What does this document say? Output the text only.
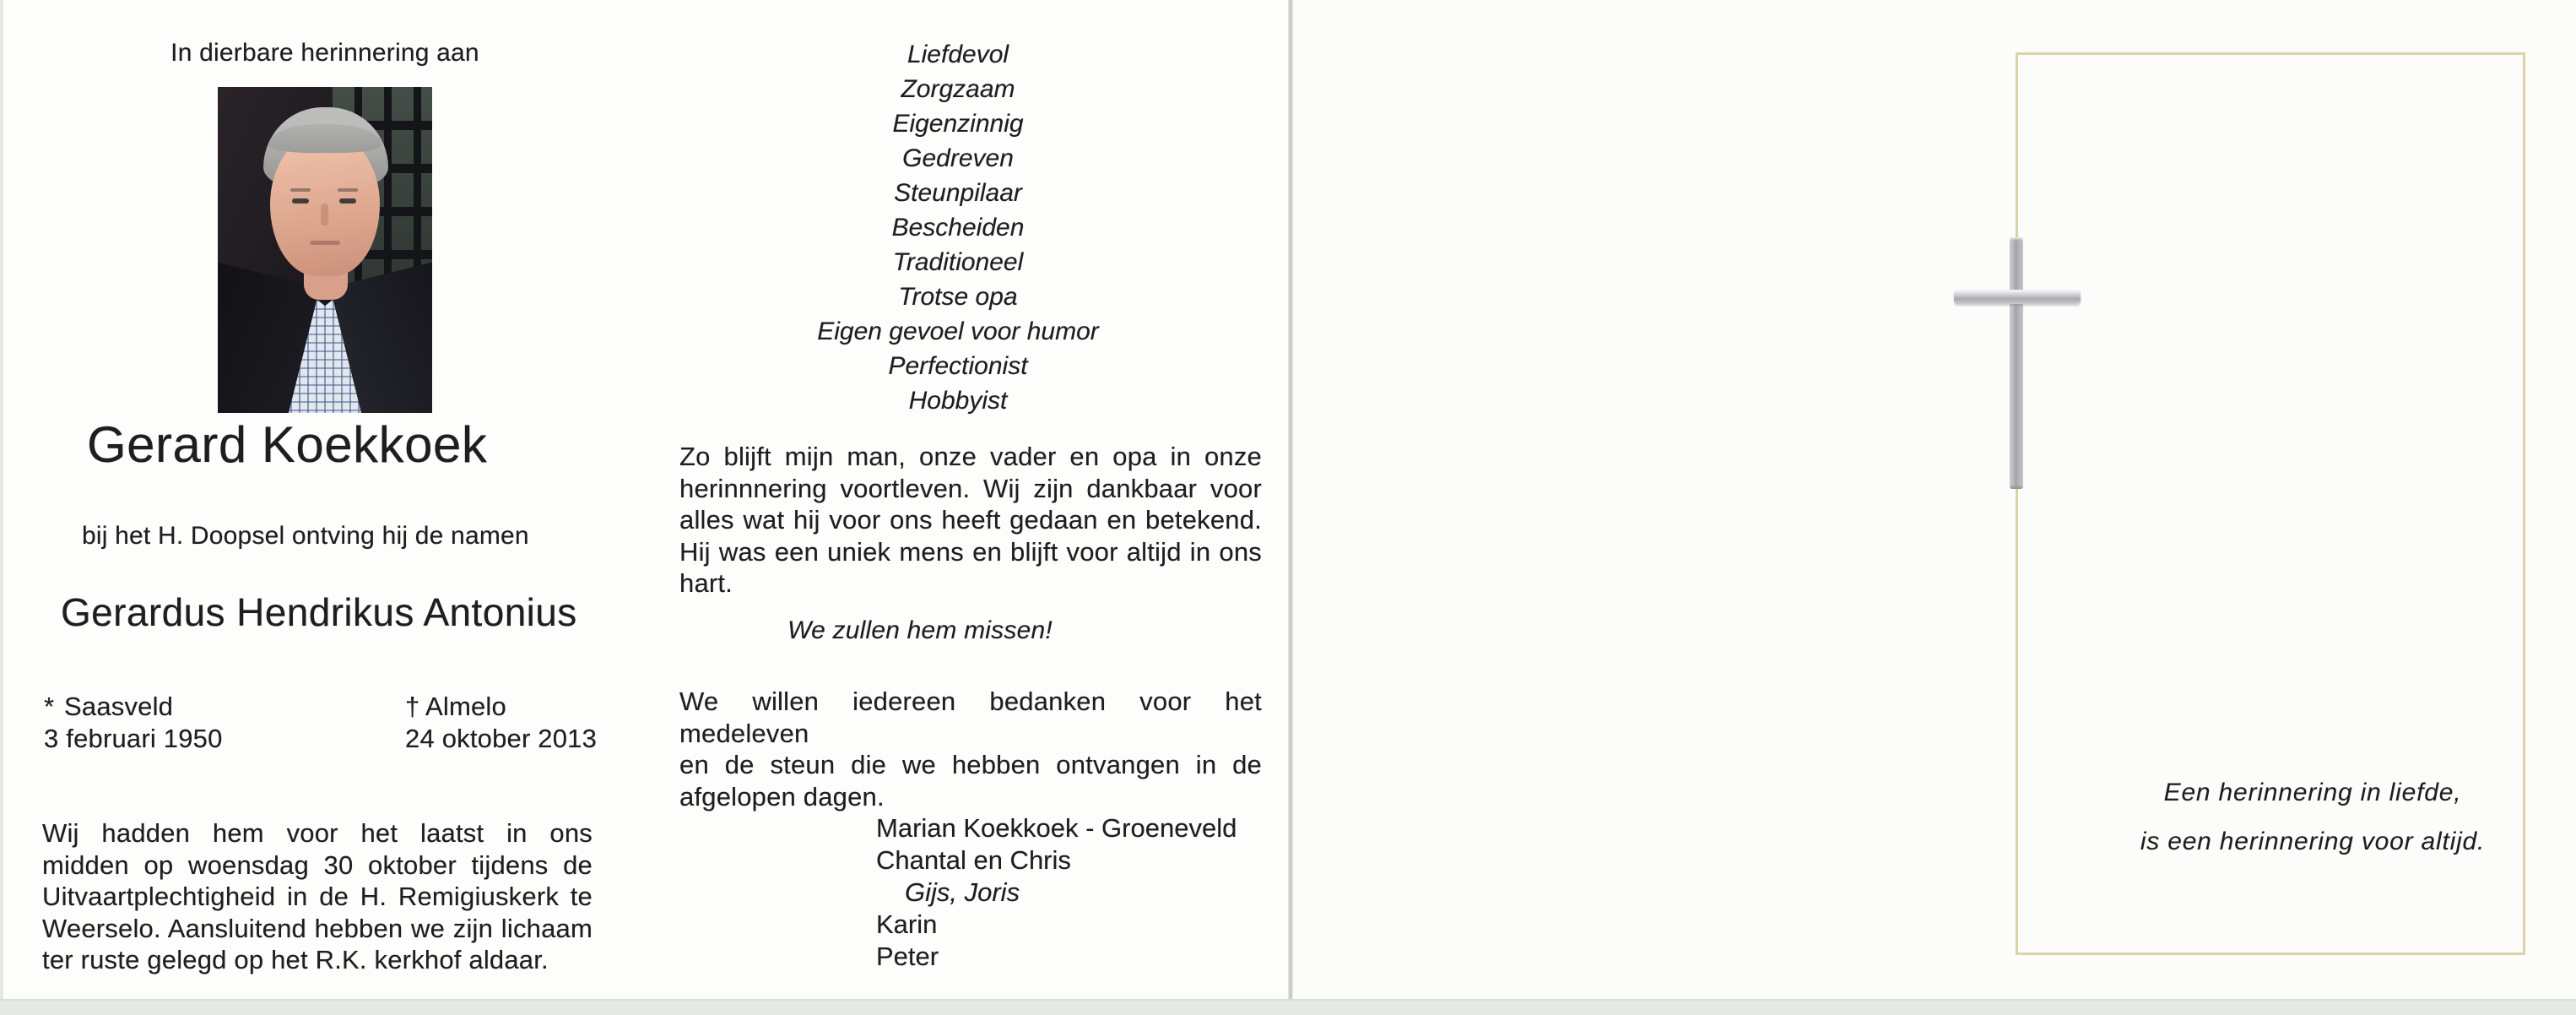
In dierbare herinnering aan
Gerard Koekkoek
bij het H. Doopsel ontving hij de namen
Gerardus Hendrikus Antonius
* Saasveld
3 februari 1950
† Almelo
24 oktober 2013
Wij hadden hem voor het laatst in ons
midden op woensdag 30 oktober tijdens de
Uitvaartplechtigheid in de H. Remigiuskerk te
Weerselo. Aansluitend hebben we zijn lichaam
ter ruste gelegd op het R.K. kerkhof aldaar.
Liefdevol
Zorgzaam
Eigenzinnig
Gedreven
Steunpilaar
Bescheiden
Traditioneel
Trotse opa
Eigen gevoel voor humor
Perfectionist
Hobbyist
Zo blijft mijn man, onze vader en opa in onze
herinnnering voortleven. Wij zijn dankbaar voor
alles wat hij voor ons heeft gedaan en betekend.
Hij was een uniek mens en blijft voor altijd in ons
hart.
We zullen hem missen!
We willen iedereen bedanken voor het medeleven
en de steun die we hebben ontvangen in de
afgelopen dagen.
Marian Koekkoek - Groeneveld
Chantal en Chris
Gijs, Joris
Karin
Peter
Een herinnering in liefde,
is een herinnering voor altijd.
